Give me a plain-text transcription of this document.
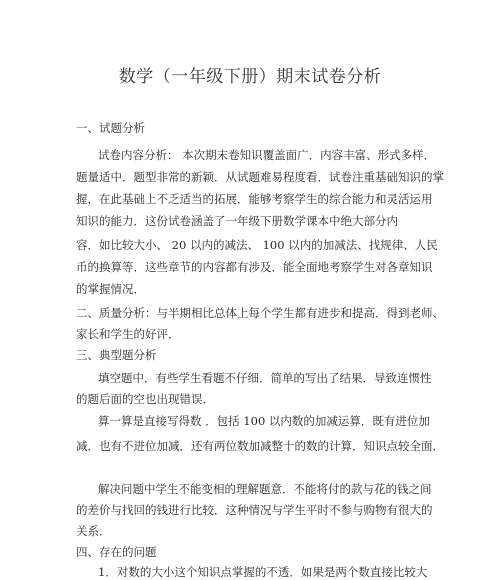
数学（一年级下册）期末试卷分析
一、试题分析
试卷内容分析： 本次期末卷知识覆盖面广．内容丰富、形式多样．
题量适中．题型非常的新颖．从试题难易程度看．试卷注重基础知识的掌
握，在此基础上不乏适当的拓展．能够考察学生的综合能力和灵活运用
知识的能力．这份试卷涵盖了一年级下册数学课本中绝大部分内
容．如比较大小、 20 以内的减法、 100 以内的加减法、找规律、人民
币的换算等．这些章节的内容都有涉及．能全面地考察学生对各章知识
的掌握情况．
二、质量分析：与半期相比总体上每个学生都有进步和提高．得到老师、
家长和学生的好评．
三、典型题分析
填空题中．有些学生看题不仔细．简单的写出了结果．导致连惯性
的题后面的空也出现错误．
算一算是直接写得数 ．包括 100 以内数的加减运算．既有进位加
减．也有不进位加减．还有两位数加减整十的数的计算．知识点较全面．
解决问题中学生不能变相的理解题意．不能将付的款与花的钱之间
的差价与找回的钱进行比较．这种情况与学生平时不参与购物有很大的
关系．
四、存在的问题
1．对数的大小这个知识点掌握的不透．如果是两个数直接比较大
